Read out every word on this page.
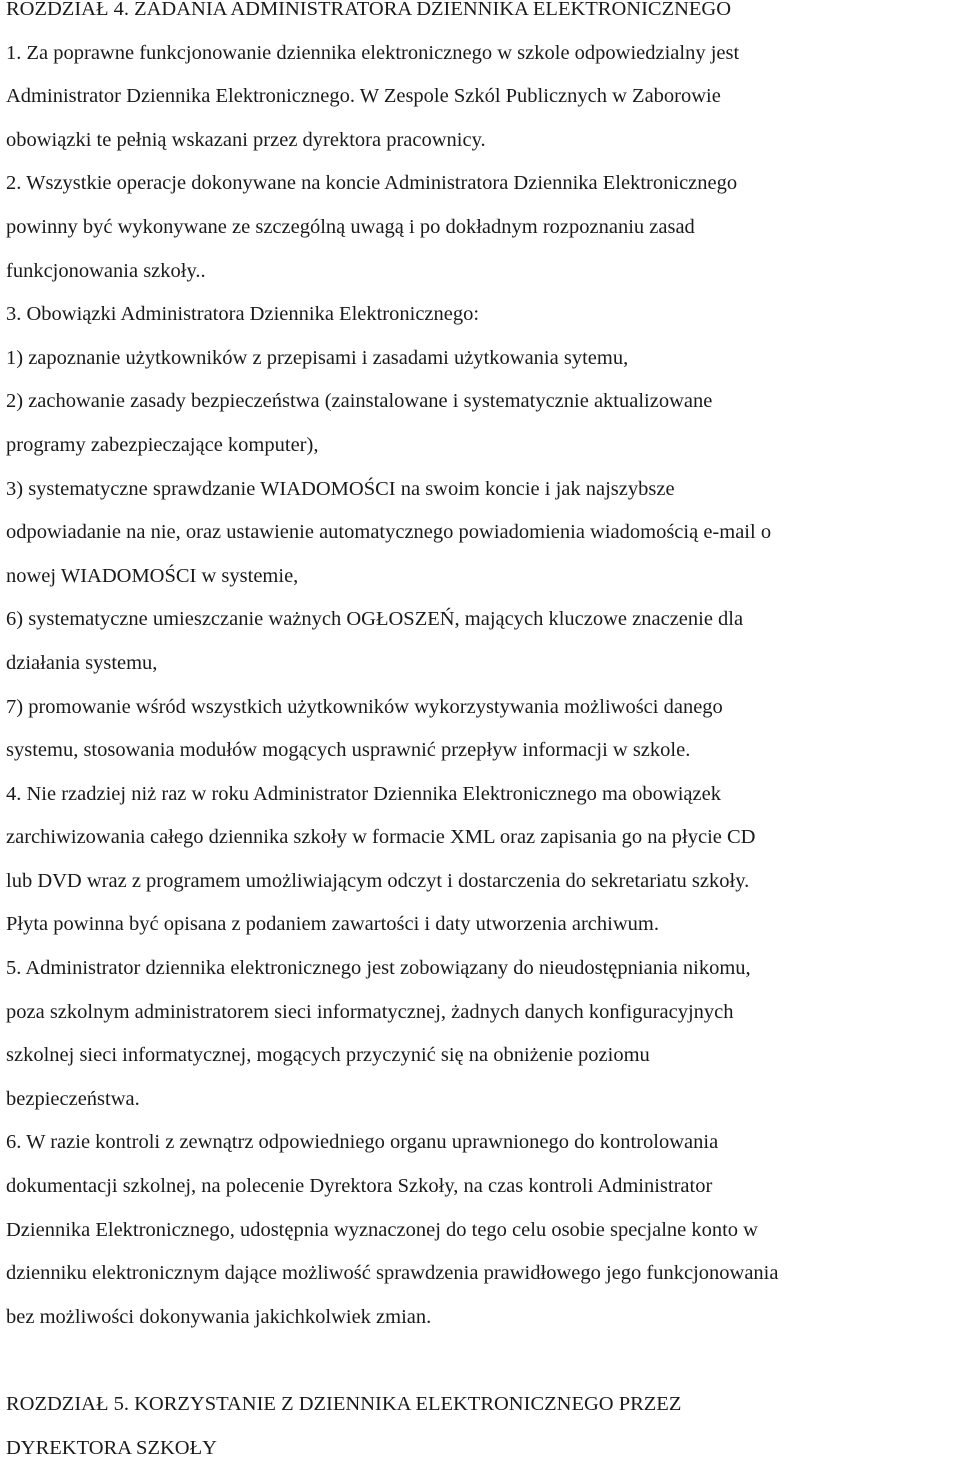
ROZDZIAŁ 4. ZADANIA ADMINISTRATORA DZIENNIKA ELEKTRONICZNEGO
1. Za poprawne funkcjonowanie dziennika elektronicznego w szkole odpowiedzialny jest
Administrator Dziennika Elektronicznego. W Zespole Szkól Publicznych w Zaborowie
obowiązki te pełnią wskazani przez dyrektora pracownicy.
2. Wszystkie operacje dokonywane na koncie Administratora Dziennika Elektronicznego
powinny być wykonywane ze szczególną uwagą i po dokładnym rozpoznaniu zasad
funkcjonowania szkoły..
3. Obowiązki Administratora Dziennika Elektronicznego:
1) zapoznanie użytkowników z przepisami i zasadami użytkowania sytemu,
2) zachowanie zasady bezpieczeństwa (zainstalowane i systematycznie aktualizowane
programy zabezpieczające komputer),
3) systematyczne sprawdzanie WIADOMOŚCI na swoim koncie i jak najszybsze
odpowiadanie na nie, oraz ustawienie automatycznego powiadomienia wiadomością e-mail o
nowej WIADOMOŚCI w systemie,
6) systematyczne umieszczanie ważnych OGŁOSZEŃ, mających kluczowe znaczenie dla
działania systemu,
7) promowanie wśród wszystkich użytkowników wykorzystywania możliwości danego
systemu, stosowania modułów mogących usprawnić przepływ informacji w szkole.
4. Nie rzadziej niż raz w roku Administrator Dziennika Elektronicznego ma obowiązek
zarchiwizowania całego dziennika szkoły w formacie XML oraz zapisania go na płycie CD
lub DVD wraz z programem umożliwiającym odczyt i dostarczenia do sekretariatu szkoły.
Płyta powinna być opisana z podaniem zawartości i daty utworzenia archiwum.
5. Administrator dziennika elektronicznego jest zobowiązany do nieudostępniania nikomu,
poza szkolnym administratorem sieci informatycznej, żadnych danych konfiguracyjnych
szkolnej sieci informatycznej, mogących przyczynić się na obniżenie poziomu
bezpieczeństwa.
6. W razie kontroli z zewnątrz odpowiedniego organu uprawnionego do kontrolowania
dokumentacji szkolnej, na polecenie Dyrektora Szkoły, na czas kontroli Administrator
Dziennika Elektronicznego, udostępnia wyznaczonej do tego celu osobie specjalne konto w
dzienniku elektronicznym dające możliwość sprawdzenia prawidłowego jego funkcjonowania
bez możliwości dokonywania jakichkolwiek zmian.
ROZDZIAŁ 5. KORZYSTANIE Z DZIENNIKA ELEKTRONICZNEGO PRZEZ
DYREKTORA SZKOŁY
